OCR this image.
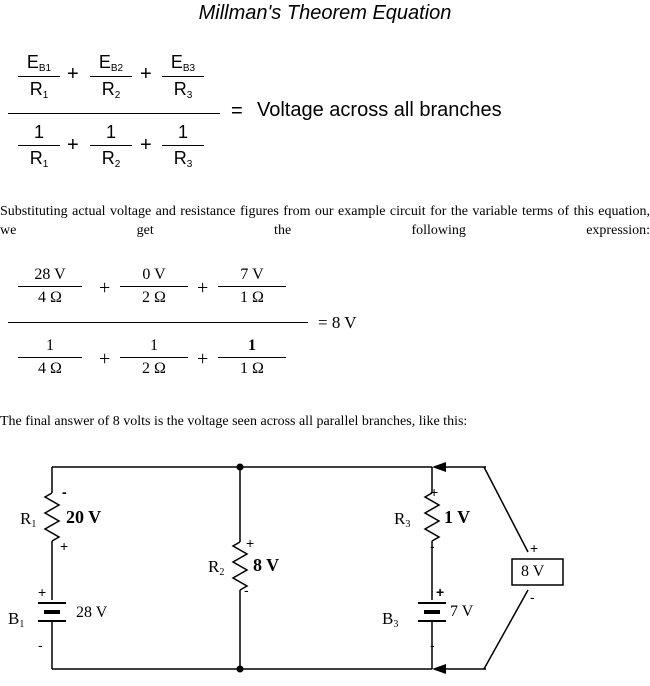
Millman's Theorem Equation
$E_{B1}$
$R_1$
+
$E_{B2}$
$R_2$
+
$E_{B3}$
$R_3$
1
$R_1$
+
1
$R_2$
+
1
$R_3$
= Voltage across all branches
Substituting actual voltage and resistance figures from our example circuit for the variable terms of this equation, we get the following expression:
28 V
4 Ω	+
0 V
2 Ω	+
7 V
1 Ω
1
4 Ω	+
1
2 Ω	+
1
1 Ω
= 8 V
The final answer of 8 volts is the voltage seen across all parallel branches, like this:
$R_1$ 20 V
-
+
+
$B_1$
28 V
-
+
$R_2$ 8 V
-
+
$R_3$ 1 V
-
+
$B_3$
7 V
-
+
8 V
-
